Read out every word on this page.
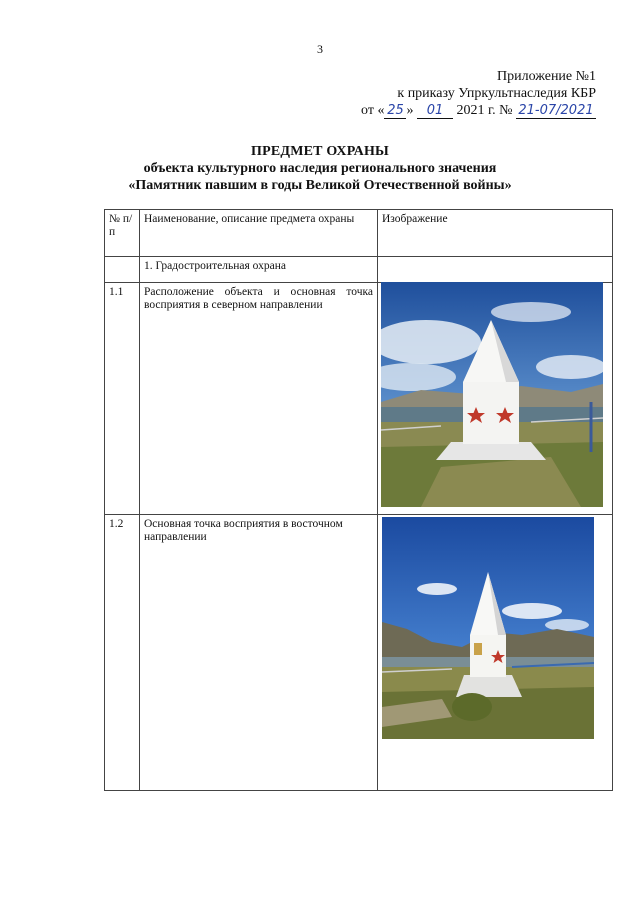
3
Приложение №1
к приказу Упркультнаследия КБР
от « 25 » 01 2021 г. № 21-07/2021
ПРЕДМЕТ ОХРАНЫ
объекта культурного наследия регионального значения
«Памятник павшим в годы Великой Отечественной войны»
№ п/п	Наименование, описание предмета охраны	Изображение
	1. Градостроительная охрана	
1.1	Расположение объекта и основная точка восприятия в северном направлении	

1.2	Основная точка восприятия в восточном направлении	
